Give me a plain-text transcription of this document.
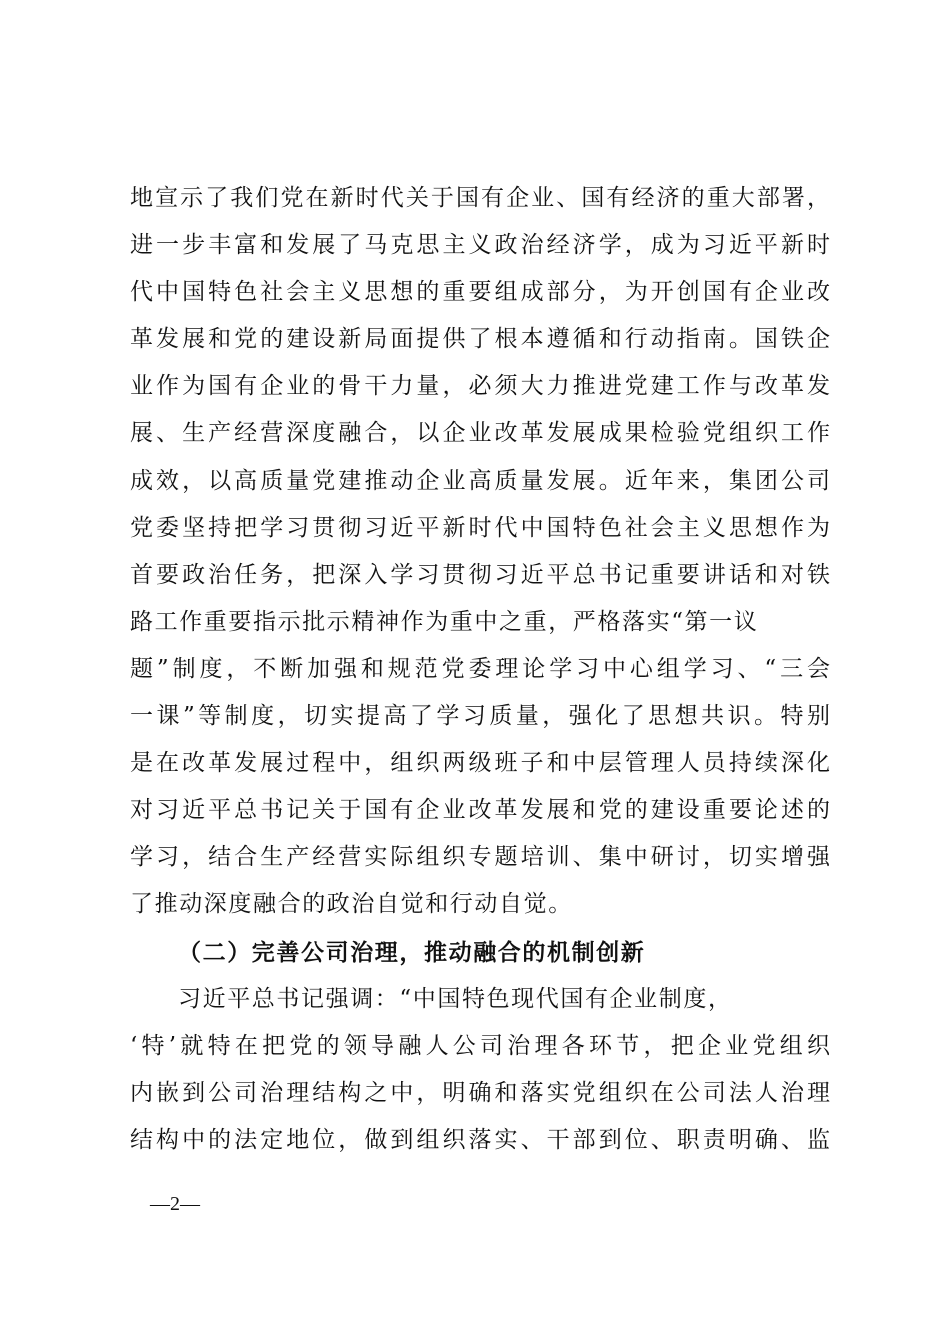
地宣示了我们党在新时代关于国有企业、国有经济的重大部署，
进一步丰富和发展了马克思主义政治经济学，成为习近平新时
代中国特色社会主义思想的重要组成部分，为开创国有企业改
革发展和党的建设新局面提供了根本遵循和行动指南。国铁企
业作为国有企业的骨干力量，必须大力推进党建工作与改革发
展、生产经营深度融合，以企业改革发展成果检验党组织工作
成效，以高质量党建推动企业高质量发展。近年来，集团公司
党委坚持把学习贯彻习近平新时代中国特色社会主义思想作为
首要政治任务，把深入学习贯彻习近平总书记重要讲话和对铁
路工作重要指示批示精神作为重中之重，严格落实“第一议
题”制度，不断加强和规范党委理论学习中心组学习、“三会
一课”等制度，切实提高了学习质量，强化了思想共识。特别
是在改革发展过程中，组织两级班子和中层管理人员持续深化
对习近平总书记关于国有企业改革发展和党的建设重要论述的
学习，结合生产经营实际组织专题培训、集中研讨，切实增强
了推动深度融合的政治自觉和行动自觉。
（二）完善公司治理，推动融合的机制创新
习近平总书记强调：“中国特色现代国有企业制度，
‘特’就特在把党的领导融人公司治理各环节，把企业党组织
内嵌到公司治理结构之中，明确和落实党组织在公司法人治理
结构中的法定地位，做到组织落实、干部到位、职责明确、监
—2—
